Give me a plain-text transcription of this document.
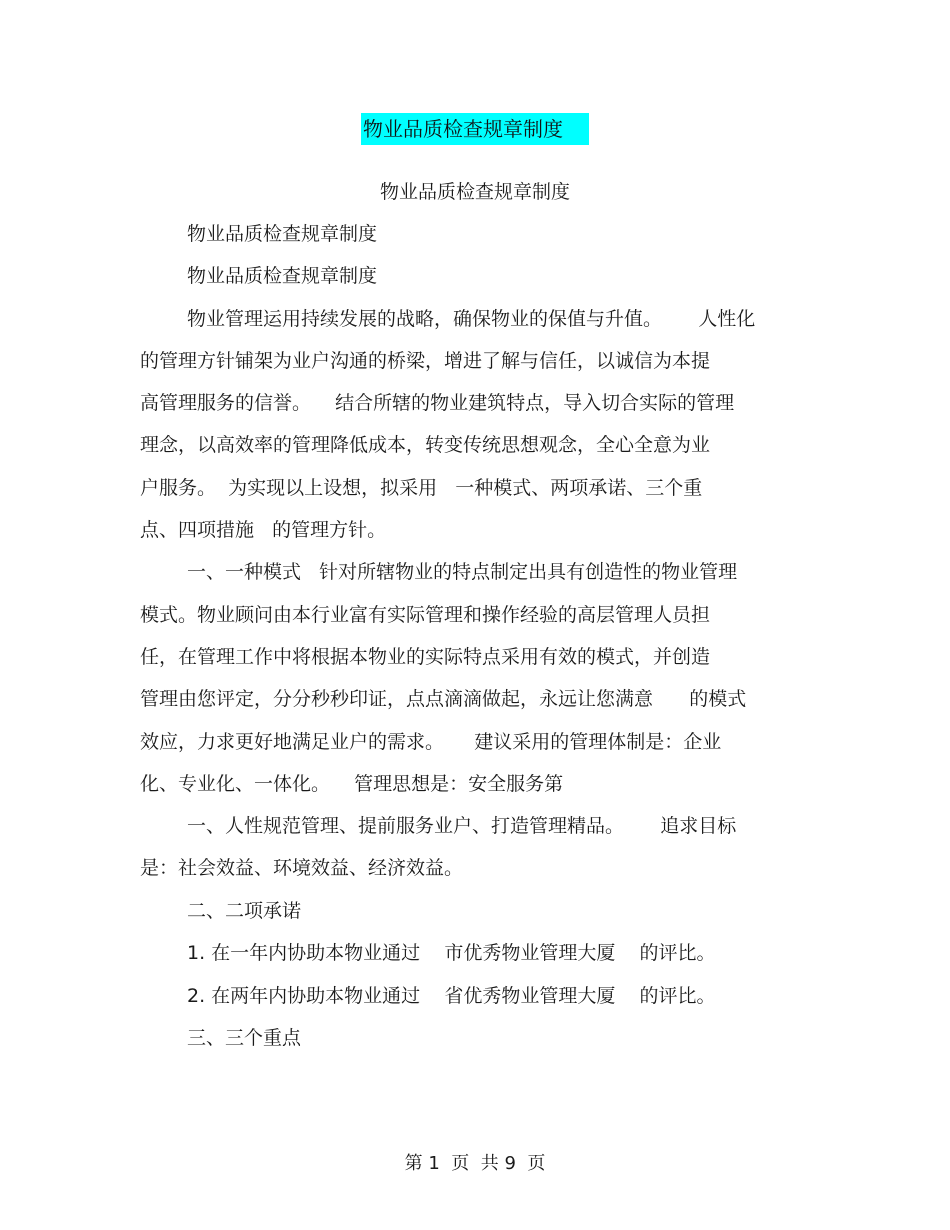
物业品质检查规章制度
物业品质检查规章制度
物业品质检查规章制度
物业品质检查规章制度
物业管理运用持续发展的战略，确保物业的保值与升值。      人性化
的管理方针铺架为业户沟通的桥梁，增进了解与信任，以诚信为本提
高管理服务的信誉。    结合所辖的物业建筑特点，导入切合实际的管理
理念，以高效率的管理降低成本，转变传统思想观念，全心全意为业
户服务。  为实现以上设想，拟采用   一种模式、两项承诺、三个重
点、四项措施   的管理方针。
一、一种模式   针对所辖物业的特点制定出具有创造性的物业管理
模式。物业顾问由本行业富有实际管理和操作经验的高层管理人员担
任，在管理工作中将根据本物业的实际特点采用有效的模式，并创造
管理由您评定，分分秒秒印证，点点滴滴做起，永远让您满意      的模式
效应，力求更好地满足业户的需求。     建议采用的管理体制是：企业
化、专业化、一体化。    管理思想是：安全服务第
一、人性规范管理、提前服务业户、打造管理精品。      追求目标
是：社会效益、环境效益、经济效益。
二、二项承诺
1. 在一年内协助本物业通过    市优秀物业管理大厦    的评比。
2. 在两年内协助本物业通过    省优秀物业管理大厦    的评比。
三、三个重点
第 1  页  共 9  页
